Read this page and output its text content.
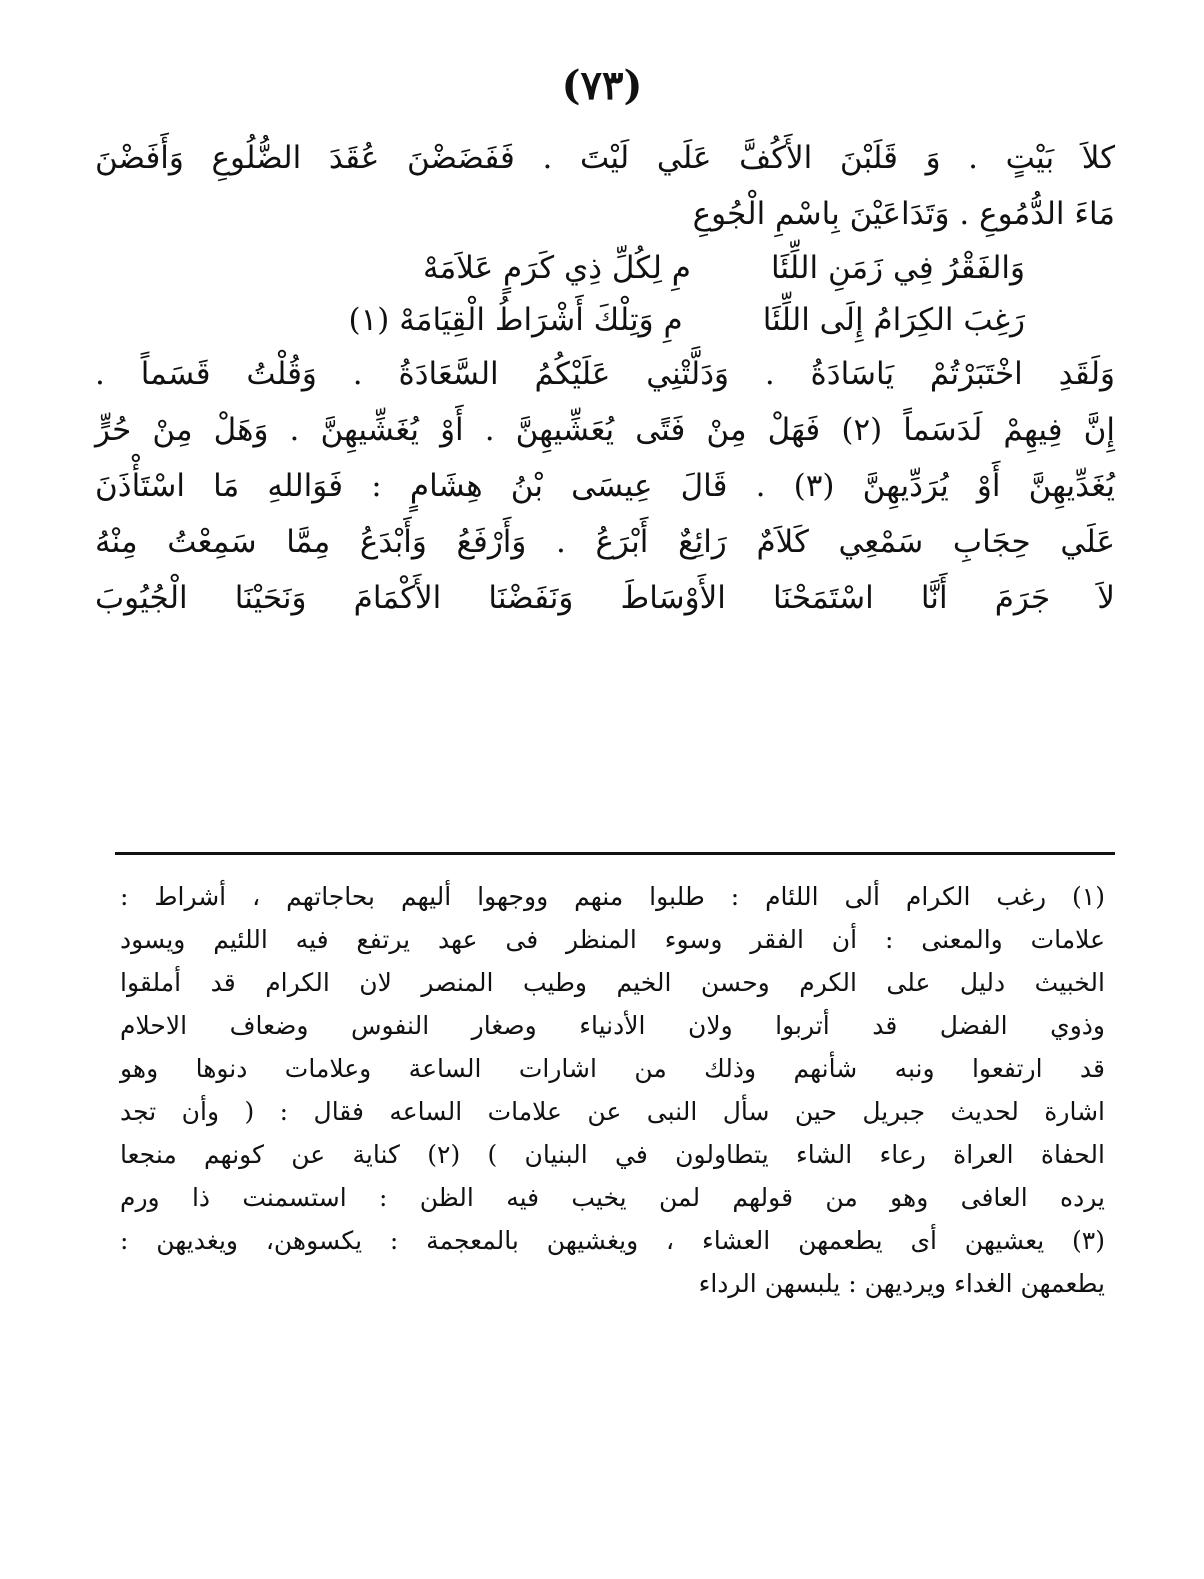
(٧٣)
كلاَ بَيْتٍ . وَ قَلَبْنَ الأَكُفَّ عَلَي لَيْتَ . فَفَضَضْنَ عُقَدَ الضُّلُوعِ وَأَفَضْنَ
مَاءَ الدُّمُوعِ . وَتَدَاعَيْنَ بِاسْمِ الْجُوعِ
وَالفَقْرُ فِي زَمَنِ اللِّئَا
مِ لِكُلِّ ذِي كَرَمٍ عَلاَمَهْ
رَغِبَ الكِرَامُ إِلَى اللِّئَا
مِ وَتِلْكَ أَشْرَاطُ الْقِيَامَهْ (١)
وَلَقَدِ اخْتَبَرْتُمْ يَاسَادَةُ . وَدَلَّتْنِي عَلَيْكُمُ السَّعَادَةُ . وَقُلْتُ قَسَماً .
إِنَّ فِيهِمْ لَدَسَماً (٢) فَهَلْ مِنْ فَتًى يُعَشِّيهِنَّ . أَوْ يُغَشِّيهِنَّ . وَهَلْ مِنْ حُرٍّ
يُغَدِّيهِنَّ أَوْ يُرَدِّيهِنَّ (٣) . قَالَ عِيسَى بْنُ هِشَامٍ : فَوَاللهِ مَا اسْتَأْذَنَ
عَلَي حِجَابِ سَمْعِي كَلاَمٌ رَائِعٌ أَبْرَعُ . وَأَرْفَعُ وَأَبْدَعُ مِمَّا سَمِعْتُ مِنْهُ
لاَ جَرَمَ أَنَّا اسْتَمَحْنَا الأَوْسَاطَ وَنَفَضْنَا الأَكْمَامَ وَنَحَيْنَا الْجُيُوبَ
(١) رغب الكرام ألى اللئام : طلبوا منهم ووجهوا أليهم بحاجاتهم ، أشراط :
علامات والمعنى : أن الفقر وسوء المنظر فى عهد يرتفع فيه اللئيم ويسود
الخبيث دليل على الكرم وحسن الخيم وطيب المنصر لان الكرام قد أملقوا
وذوي الفضل قد أتربوا ولان الأدنياء وصغار النفوس وضعاف الاحلام
قد ارتفعوا ونبه شأنهم وذلك من اشارات الساعة وعلامات دنوها وهو
اشارة لحديث جبريل حين سأل النبى عن علامات الساعه فقال : ( وأن تجد
الحفاة العراة رعاء الشاء يتطاولون في البنيان ) (٢) كناية عن كونهم منجعا
يرده العافى وهو من قولهم لمن يخيب فيه الظن : استسمنت ذا ورم
(٣) يعشيهن أى يطعمهن العشاء ، ويغشيهن بالمعجمة : يكسوهن، ويغديهن :
يطعمهن الغداء ويرديهن : يلبسهن الرداء
